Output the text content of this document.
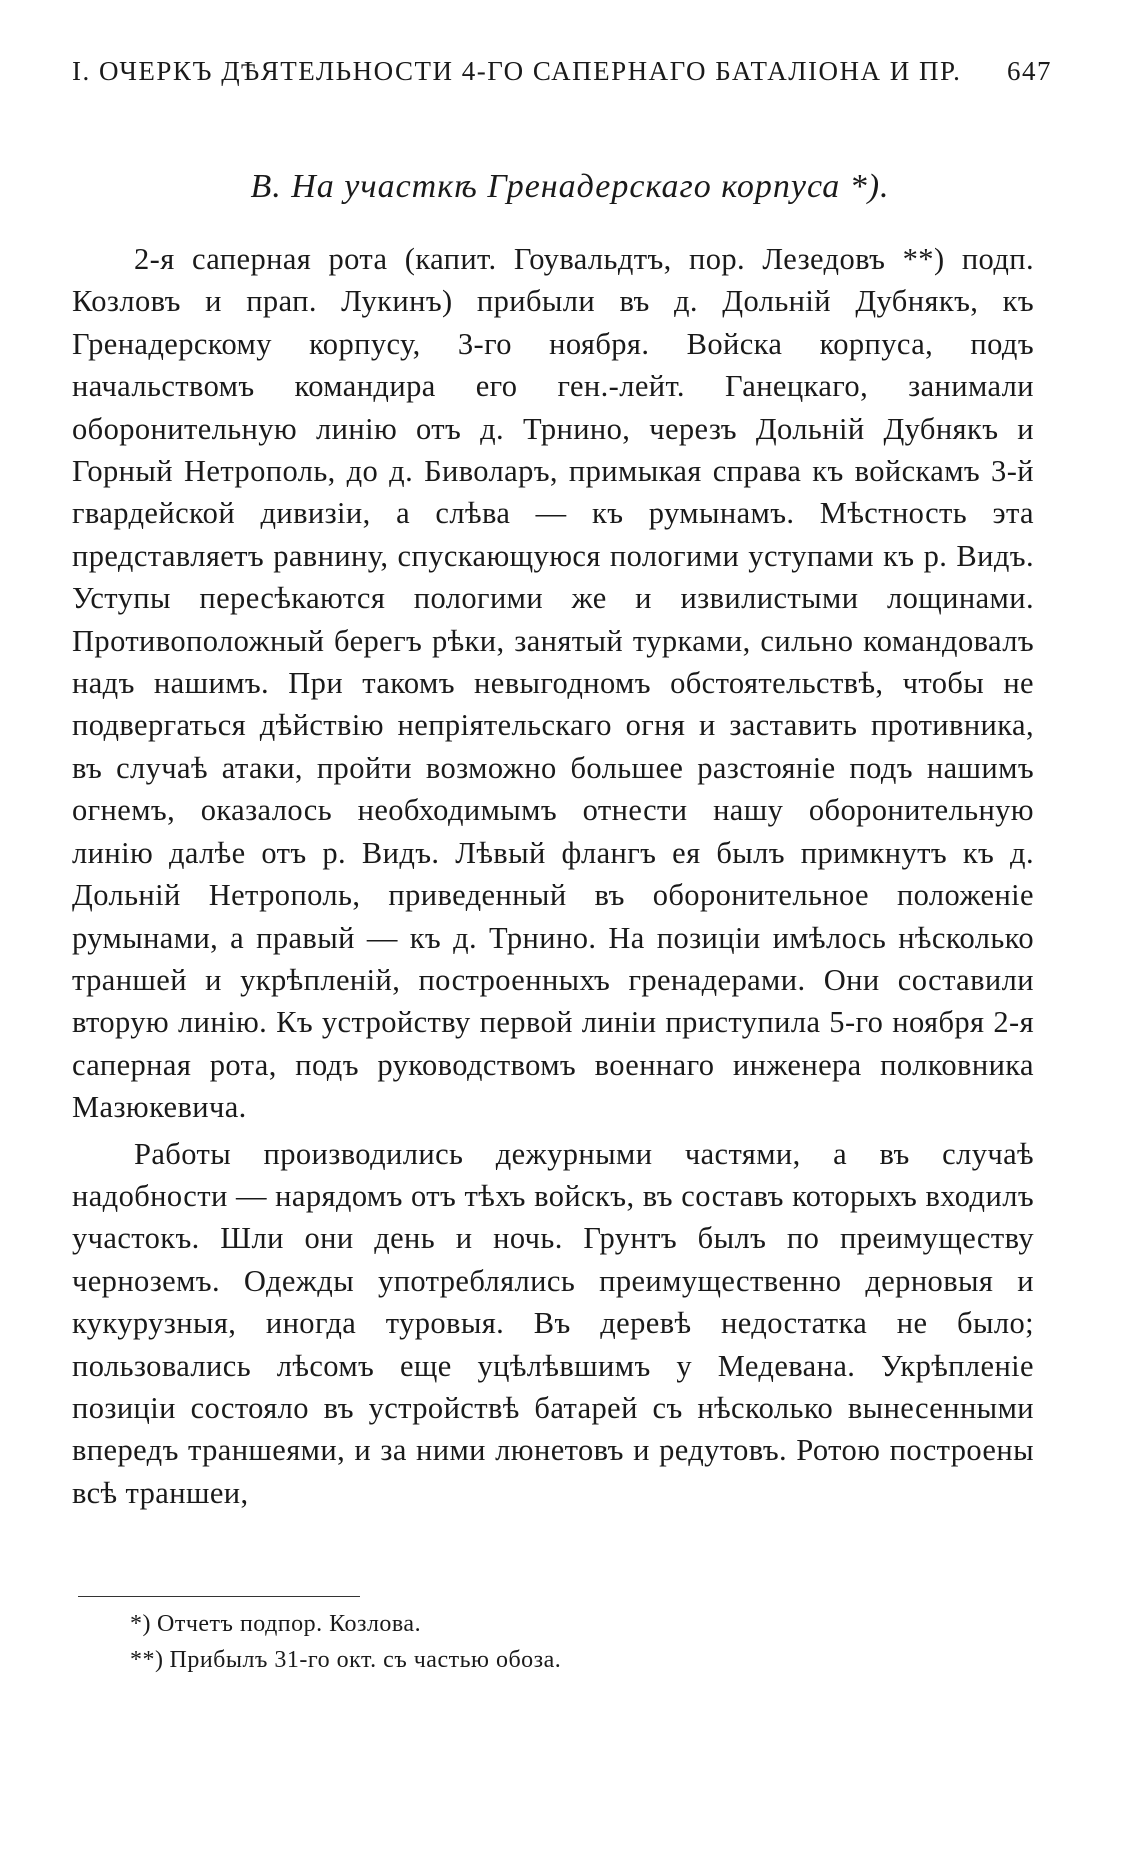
I. ОЧЕРКЪ ДѢЯТЕЛЬНОСТИ 4-ГО САПЕРНАГО БАТАЛІОНА И ПР. 647
В. На участкѣ Гренадерскаго корпуса *).

2-я саперная рота (капит. Гоувальдтъ, пор. Лезедовъ **) подп. Козловъ и прап. Лукинъ) прибыли въ д. Дольній Дубнякъ, къ Гренадерскому корпусу, 3-го ноября. Войска корпуса, подъ начальствомъ командира его ген.-лейт. Ганецкаго, занимали оборонительную линію отъ д. Трнино, черезъ Дольній Дубнякъ и Горный Нетрополь, до д. Биволаръ, примыкая справа къ войскамъ 3-й гвардейской дивизіи, а слѣва — къ румынамъ. Мѣстность эта представляетъ равнину, спускающуюся пологими уступами къ р. Видъ. Уступы пересѣкаются пологими же и извилистыми лощинами. Противоположный берегъ рѣки, занятый турками, сильно командовалъ надъ нашимъ. При такомъ невыгодномъ обстоятельствѣ, чтобы не подвергаться дѣйствію непріятельскаго огня и заставить противника, въ случаѣ атаки, пройти возможно большее разстояніе подъ нашимъ огнемъ, оказалось необходимымъ отнести нашу оборонительную линію далѣе отъ р. Видъ. Лѣвый флангъ ея былъ примкнутъ къ д. Дольній Нетрополь, приведенный въ оборонительное положеніе румынами, а правый — къ д. Трнино. На позиціи имѣлось нѣсколько траншей и укрѣпленій, построенныхъ гренадерами. Они составили вторую линію. Къ устройству первой линіи приступила 5-го ноября 2-я саперная рота, подъ руководствомъ военнаго инженера полковника Мазюкевича.

Работы производились дежурными частями, а въ случаѣ надобности — нарядомъ отъ тѣхъ войскъ, въ составъ которыхъ входилъ участокъ. Шли они день и ночь. Грунтъ былъ по преимуществу черноземъ. Одежды употреблялись преимущественно дерновыя и кукурузныя, иногда туровыя. Въ деревѣ недостатка не было; пользовались лѣсомъ еще уцѣлѣвшимъ у Медевана. Укрѣпленіе позиціи состояло въ устройствѣ батарей съ нѣсколько вынесенными впередъ траншеями, и за ними люнетовъ и редутовъ. Ротою построены всѣ траншеи,

*) Отчетъ подпор. Козлова.
**) Прибылъ 31-го окт. съ частью обоза.
